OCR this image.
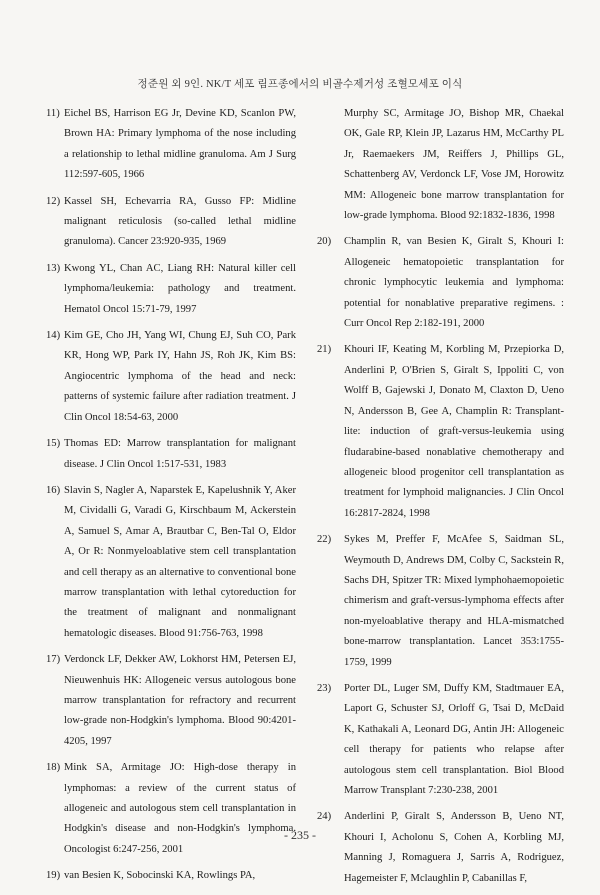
정준원 외 9인. NK/T 세포 림프종에서의 비골수제거성 조혈모세포 이식
11) Eichel BS, Harrison EG Jr, Devine KD, Scanlon PW, Brown HA: Primary lymphoma of the nose including a relationship to lethal midline granuloma. Am J Surg 112:597-605, 1966
12) Kassel SH, Echevarria RA, Gusso FP: Midline malignant reticulosis (so-called lethal midline granuloma). Cancer 23:920-935, 1969
13) Kwong YL, Chan AC, Liang RH: Natural killer cell lymphoma/leukemia: pathology and treatment. Hematol Oncol 15:71-79, 1997
14) Kim GE, Cho JH, Yang WI, Chung EJ, Suh CO, Park KR, Hong WP, Park IY, Hahn JS, Roh JK, Kim BS: Angiocentric lymphoma of the head and neck: patterns of systemic failure after radiation treatment. J Clin Oncol 18:54-63, 2000
15) Thomas ED: Marrow transplantation for malignant disease. J Clin Oncol 1:517-531, 1983
16) Slavin S, Nagler A, Naparstek E, Kapelushnik Y, Aker M, Cividalli G, Varadi G, Kirschbaum M, Ackerstein A, Samuel S, Amar A, Brautbar C, Ben-Tal O, Eldor A, Or R: Nonmyeloablative stem cell transplantation and cell therapy as an alternative to conventional bone marrow transplantation with lethal cytoreduction for the treatment of malignant and nonmalignant hematologic diseases. Blood 91:756-763, 1998
17) Verdonck LF, Dekker AW, Lokhorst HM, Petersen EJ, Nieuwenhuis HK: Allogeneic versus autologous bone marrow transplantation for refractory and recurrent low-grade non-Hodgkin's lymphoma. Blood 90:4201-4205, 1997
18) Mink SA, Armitage JO: High-dose therapy in lymphomas: a review of the current status of allogeneic and autologous stem cell transplantation in Hodgkin's disease and non-Hodgkin's lymphoma. Oncologist 6:247-256, 2001
19) van Besien K, Sobocinski KA, Rowlings PA,
Murphy SC, Armitage JO, Bishop MR, Chaekal OK, Gale RP, Klein JP, Lazarus HM, McCarthy PL Jr, Raemaekers JM, Reiffers J, Phillips GL, Schattenberg AV, Verdonck LF, Vose JM, Horowitz MM: Allogeneic bone marrow transplantation for low-grade lymphoma. Blood 92:1832-1836, 1998
20) Champlin R, van Besien K, Giralt S, Khouri I: Allogeneic hematopoietic transplantation for chronic lymphocytic leukemia and lymphoma: potential for nonablative preparative regimens. : Curr Oncol Rep 2:182-191, 2000
21) Khouri IF, Keating M, Korbling M, Przepiorka D, Anderlini P, O'Brien S, Giralt S, Ippoliti C, von Wolff B, Gajewski J, Donato M, Claxton D, Ueno N, Andersson B, Gee A, Champlin R: Transplant-lite: induction of graft-versus-leukemia using fludarabine-based nonablative chemotherapy and allogeneic blood progenitor cell transplantation as treatment for lymphoid malignancies. J Clin Oncol 16:2817-2824, 1998
22) Sykes M, Preffer F, McAfee S, Saidman SL, Weymouth D, Andrews DM, Colby C, Sackstein R, Sachs DH, Spitzer TR: Mixed lymphohaemopoietic chimerism and graft-versus-lymphoma effects after non-myeloablative therapy and HLA-mismatched bone-marrow transplantation. Lancet 353:1755-1759, 1999
23) Porter DL, Luger SM, Duffy KM, Stadtmauer EA, Laport G, Schuster SJ, Orloff G, Tsai D, McDaid K, Kathakali A, Leonard DG, Antin JH: Allogeneic cell therapy for patients who relapse after autologous stem cell transplantation. Biol Blood Marrow Transplant 7:230-238, 2001
24) Anderlini P, Giralt S, Andersson B, Ueno NT, Khouri I, Acholonu S, Cohen A, Korbling MJ, Manning J, Romaguera J, Sarris A, Rodriguez, Hagemeister F, Mclaughlin P, Cabanillas F,
- 235 -
